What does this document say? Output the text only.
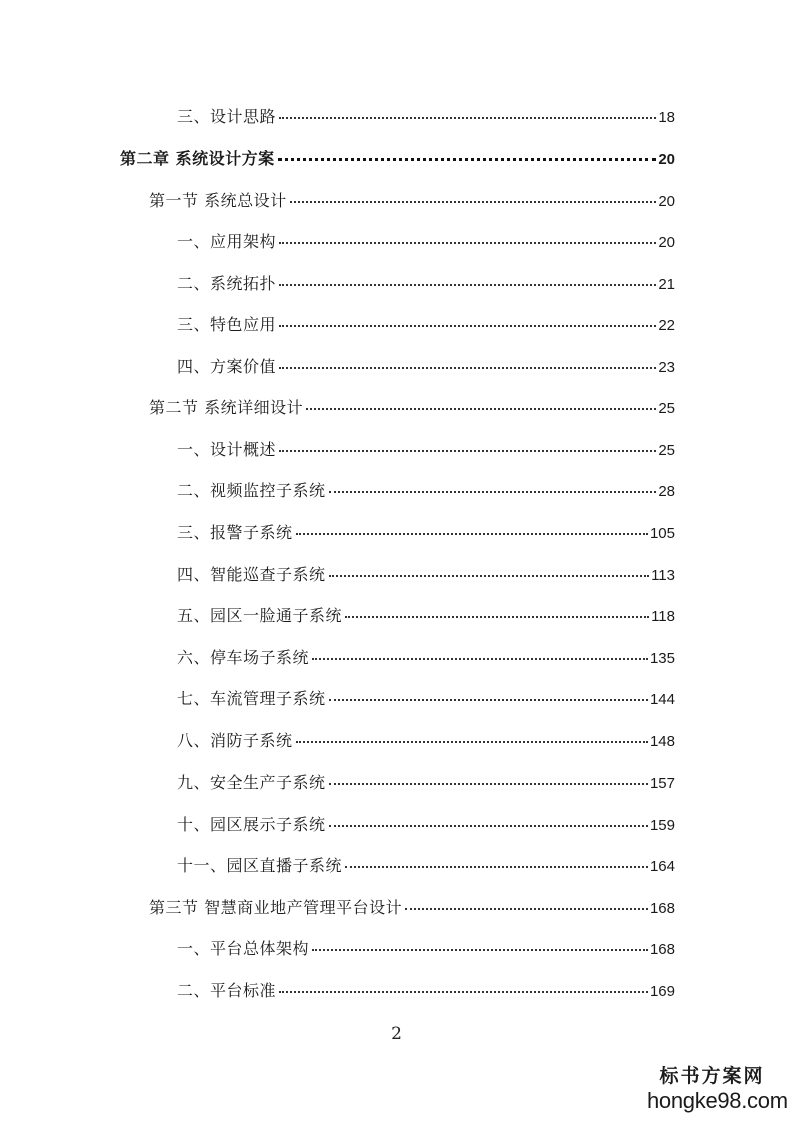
三、设计思路	18
第二章 系统设计方案	20
第一节 系统总设计	20
一、应用架构	20
二、系统拓扑	21
三、特色应用	22
四、方案价值	23
第二节 系统详细设计	25
一、设计概述	25
二、视频监控子系统	28
三、报警子系统	105
四、智能巡查子系统	113
五、园区一脸通子系统	118
六、停车场子系统	135
七、车流管理子系统	144
八、消防子系统	148
九、安全生产子系统	157
十、园区展示子系统	159
十一、园区直播子系统	164
第三节 智慧商业地产管理平台设计	168
一、平台总体架构	168
二、平台标准	169
2
标书方案网
hongke98.com
